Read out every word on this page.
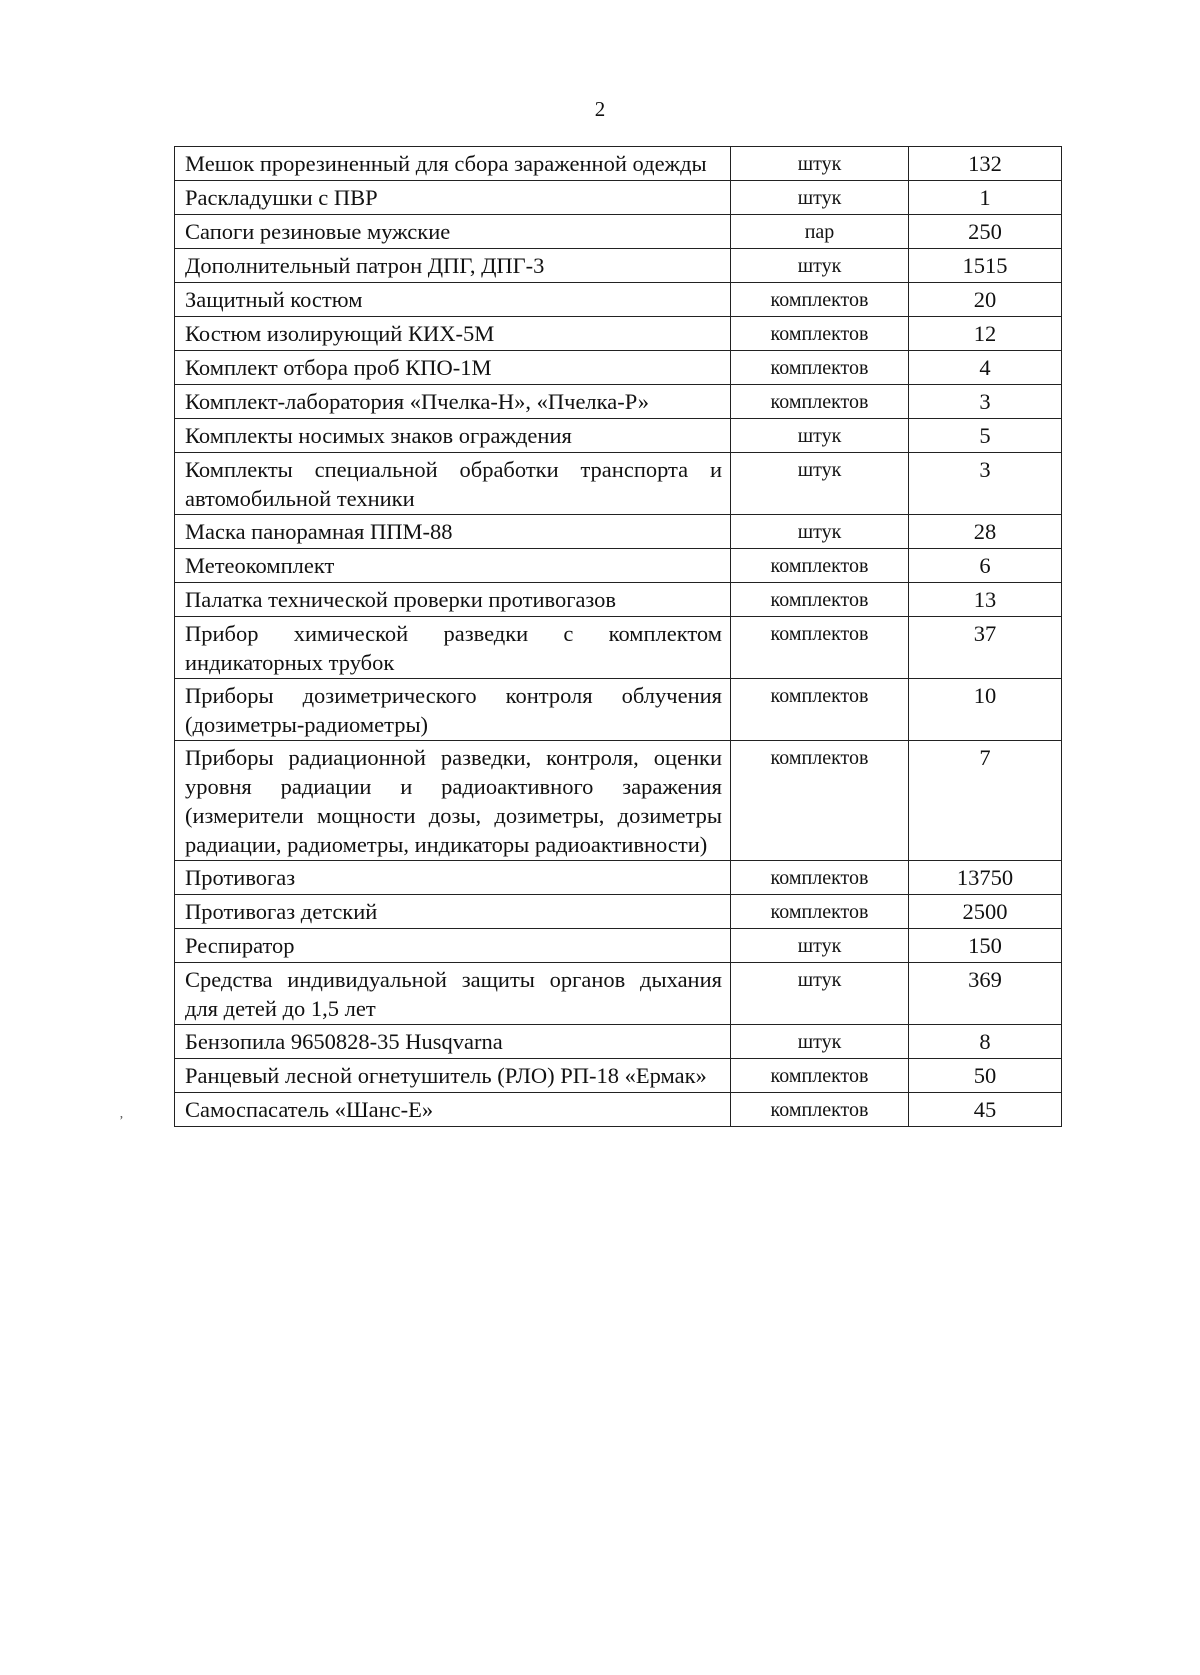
2
Мешок прорезиненный для сбора зараженной одежды	штук	132
Раскладушки с ПВР	штук	1
Сапоги резиновые мужские	пар	250
Дополнительный патрон ДПГ, ДПГ-3	штук	1515
Защитный костюм	комплектов	20
Костюм изолирующий КИХ-5М	комплектов	12
Комплект отбора проб КПО-1М	комплектов	4
Комплект-лаборатория «Пчелка-Н», «Пчелка-Р»	комплектов	3
Комплекты носимых знаков ограждения	штук	5
Комплекты специальной обработки транспорта и автомобильной техники	штук	3
Маска панорамная ППМ-88	штук	28
Метеокомплект	комплектов	6
Палатка технической проверки противогазов	комплектов	13
Прибор химической разведки с комплектом индикаторных трубок	комплектов	37
Приборы дозиметрического контроля облучения (дозиметры-радиометры)	комплектов	10
Приборы радиационной разведки, контроля, оценки уровня радиации и радиоактивного заражения (измерители мощности дозы, дозиметры, дозиметры радиации, радиометры, индикаторы радиоактивности)	комплектов	7
Противогаз	комплектов	13750
Противогаз детский	комплектов	2500
Респиратор	штук	150
Средства индивидуальной защиты органов дыхания для детей до 1,5 лет	штук	369
Бензопила 9650828-35 Husqvarna	штук	8
Ранцевый лесной огнетушитель (РЛО) РП-18 «Ермак»	комплектов	50
Самоспасатель «Шанс-Е»	комплектов	45
ʼ
